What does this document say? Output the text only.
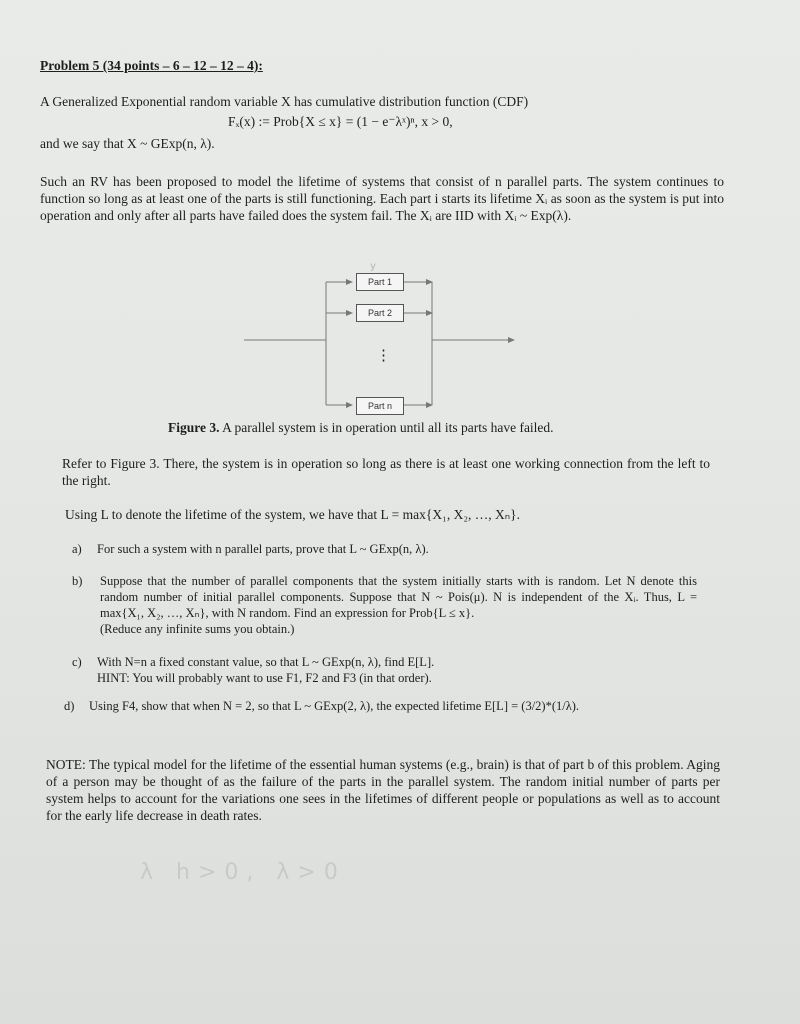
Problem 5 (34 points – 6 – 12 – 12 – 4):
A Generalized Exponential random variable X has cumulative distribution function (CDF)
Fₓ(x) := Prob{X ≤ x} = (1 − e⁻λˣ)ⁿ, x > 0,
and we say that X ~ GExp(n, λ).
Such an RV has been proposed to model the lifetime of systems that consist of n parallel parts. The system continues to function so long as at least one of the parts is still functioning. Each part i starts its lifetime Xᵢ as soon as the system is put into operation and only after all parts have failed does the system fail. The Xᵢ are IID with Xᵢ ~ Exp(λ).
y
Part 1
Part 2
⋮
Part n
Figure 3. A parallel system is in operation until all its parts have failed.
Refer to Figure 3. There, the system is in operation so long as there is at least one working connection from the left to the right.
Using L to denote the lifetime of the system, we have that L = max{X₁, X₂, …, Xₙ}.
a) For such a system with n parallel parts, prove that L ~ GExp(n, λ).
b) Suppose that the number of parallel components that the system initially starts with is random. Let N denote this random number of initial parallel components. Suppose that N ~ Pois(μ). N is independent of the Xᵢ. Thus, L = max{X₁, X₂, …, Xₙ}, with N random. Find an expression for Prob{L ≤ x}.
(Reduce any infinite sums you obtain.)
c) With N=n a fixed constant value, so that L ~ GExp(n, λ), find E[L].
HINT: You will probably want to use F1, F2 and F3 (in that order).
d) Using F4, show that when N = 2, so that L ~ GExp(2, λ), the expected lifetime E[L] = (3/2)*(1/λ).
NOTE: The typical model for the lifetime of the essential human systems (e.g., brain) is that of part b of this problem. Aging of a person may be thought of as the failure of the parts in the parallel system. The random initial number of parts per system helps to account for the variations one sees in the lifetimes of different people or populations as well as to account for the early life decrease in death rates.
λ h>0, λ>0
